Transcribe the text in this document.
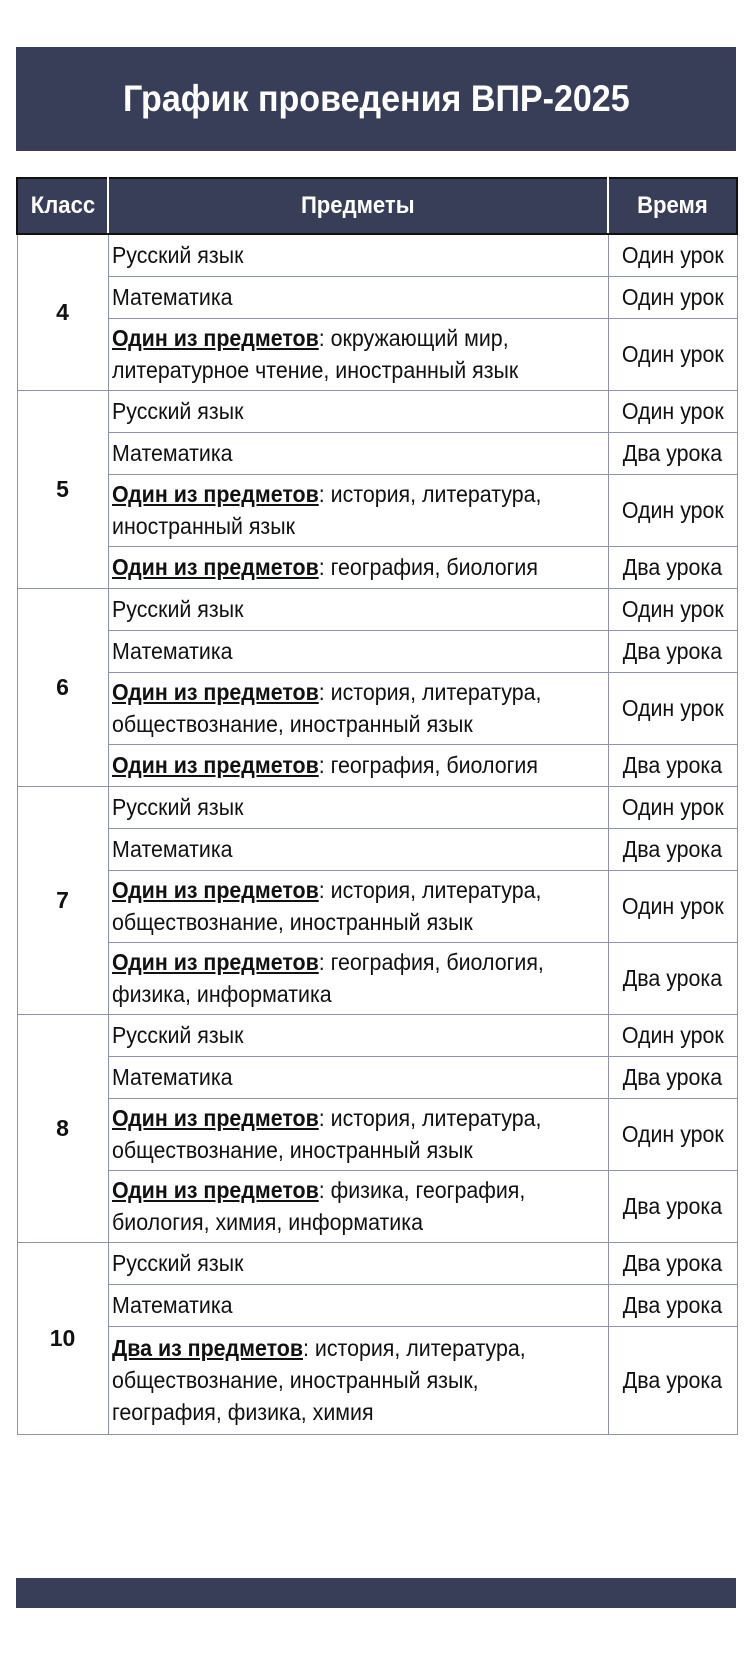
График проведения ВПР-2025
Класс	Предметы	Время
4	Русский язык	Один урок

	Математика	Один урок

	Один из предметов: окружающий мир,
литературное чтение, иностранный язык	Один урок
5	Русский язык	Один урок

	Математика	Два урока

	Один из предметов: история, литература,
иностранный язык	Один урок

	Один из предметов: география, биология	Два урока
6	Русский язык	Один урок

	Математика	Два урока

	Один из предметов: история, литература,
обществознание, иностранный язык	Один урок

	Один из предметов: география, биология	Два урока
7	Русский язык	Один урок

	Математика	Два урока

	Один из предметов: история, литература,
обществознание, иностранный язык	Один урок

	Один из предметов: география, биология,
физика, информатика	Два урока
8	Русский язык	Один урок

	Математика	Два урока

	Один из предметов: история, литература,
обществознание, иностранный язык	Один урок

	Один из предметов: физика, география,
биология, химия, информатика	Два урока
10	Русский язык	Два урока

	Математика	Два урока

	Два из предметов: история, литература,
обществознание, иностранный язык,
география, физика, химия	Два урока
